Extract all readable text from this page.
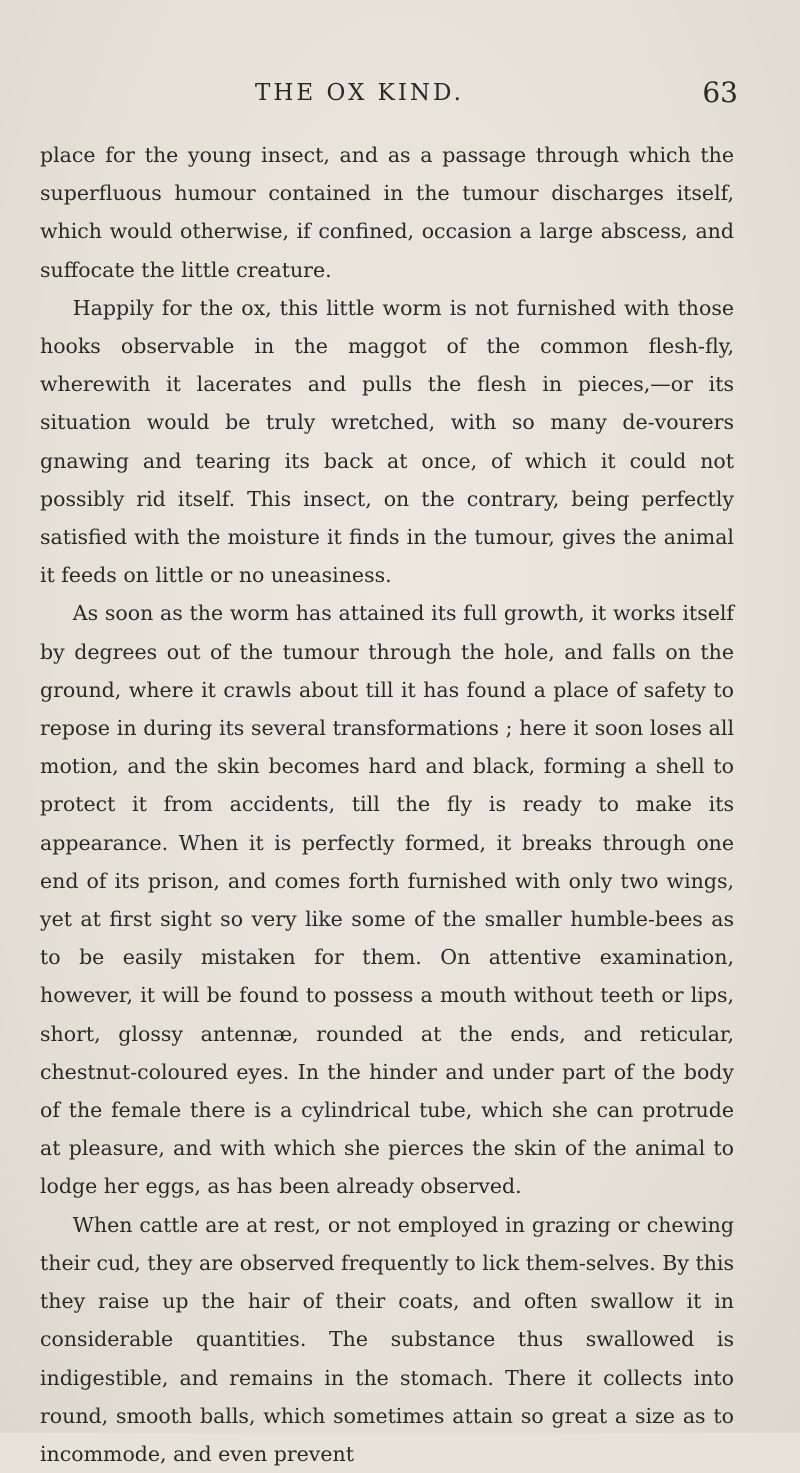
THE OX KIND.	63

place for the young insect, and as a passage through which the superfluous humour contained in the tumour discharges itself, which would otherwise, if confined, occasion a large abscess, and suffocate the little creature.

Happily for the ox, this little worm is not furnished with those hooks observable in the maggot of the common flesh-fly, wherewith it lacerates and pulls the flesh in pieces,—or its situation would be truly wretched, with so many de-vourers gnawing and tearing its back at once, of which it could not possibly rid itself. This insect, on the contrary, being perfectly satisfied with the moisture it finds in the tumour, gives the animal it feeds on little or no uneasiness.

As soon as the worm has attained its full growth, it works itself by degrees out of the tumour through the hole, and falls on the ground, where it crawls about till it has found a place of safety to repose in during its several transformations ; here it soon loses all motion, and the skin becomes hard and black, forming a shell to protect it from accidents, till the fly is ready to make its appearance. When it is perfectly formed, it breaks through one end of its prison, and comes forth furnished with only two wings, yet at first sight so very like some of the smaller humble-bees as to be easily mistaken for them. On attentive examination, however, it will be found to possess a mouth without teeth or lips, short, glossy antennæ, rounded at the ends, and reticular, chestnut-coloured eyes. In the hinder and under part of the body of the female there is a cylindrical tube, which she can protrude at pleasure, and with which she pierces the skin of the animal to lodge her eggs, as has been already observed.

When cattle are at rest, or not employed in grazing or chewing their cud, they are observed frequently to lick them-selves. By this they raise up the hair of their coats, and often swallow it in considerable quantities. The substance thus swallowed is indigestible, and remains in the stomach. There it collects into round, smooth balls, which sometimes attain so great a size as to incommode, and even prevent
